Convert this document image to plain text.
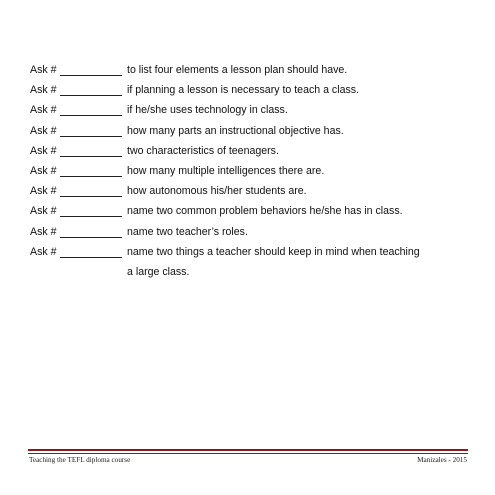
Ask #	to list four elements a lesson plan should have.
Ask #	if planning a lesson is necessary to teach a class.
Ask #	if he/she uses technology in class.
Ask #	how many parts an instructional objective has.
Ask #	two characteristics of teenagers.
Ask #	how many multiple intelligences there are.
Ask #	how autonomous his/her students are.
Ask #	name two common problem behaviors he/she has in class.
Ask #	name two teacher’s roles.
Ask #	name two things a teacher should keep in mind when teaching
a large class.
Teaching the TEFL diploma course	Manizales - 2015
